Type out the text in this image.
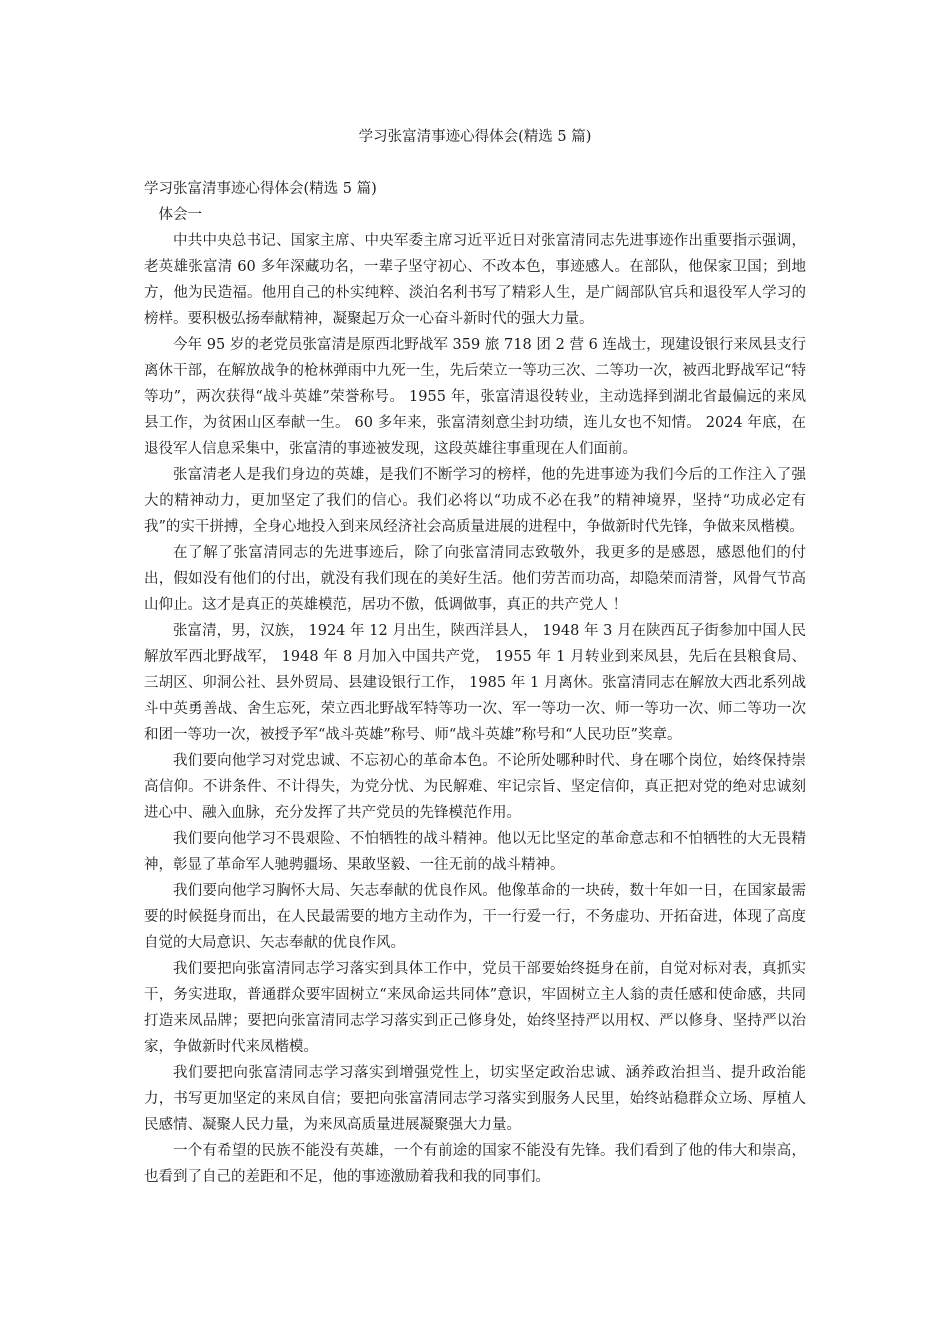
学习张富清事迹心得体会(精选 5 篇)

学习张富清事迹心得体会(精选 5 篇)

体会一

中共中央总书记、国家主席、中央军委主席习近平近日对张富清同志先进事迹作出重要指示强调，老英雄张富清 60 多年深藏功名，一辈子坚守初心、不改本色，事迹感人。在部队，他保家卫国；到地方，他为民造福。他用自己的朴实纯粹、淡泊名利书写了精彩人生，是广阔部队官兵和退役军人学习的榜样。要积极弘扬奉献精神，凝聚起万众一心奋斗新时代的强大力量。

今年 95 岁的老党员张富清是原西北野战军 359 旅 718 团 2 营 6 连战士，现建设银行来凤县支行离休干部，在解放战争的枪林弹雨中九死一生，先后荣立一等功三次、二等功一次，被西北野战军记“特等功”，两次获得“战斗英雄”荣誉称号。 1955 年，张富清退役转业，主动选择到湖北省最偏远的来凤县工作，为贫困山区奉献一生。 60 多年来，张富清刻意尘封功绩，连儿女也不知情。 2024 年底，在退役军人信息采集中，张富清的事迹被发现，这段英雄往事重现在人们面前。

张富清老人是我们身边的英雄，是我们不断学习的榜样，他的先进事迹为我们今后的工作注入了强大的精神动力，更加坚定了我们的信心。我们必将以“功成不必在我”的精神境界，坚持“功成必定有我”的实干拼搏，全身心地投入到来凤经济社会高质量进展的进程中，争做新时代先锋，争做来凤楷模。

在了解了张富清同志的先进事迹后，除了向张富清同志致敬外，我更多的是感恩，感恩他们的付出，假如没有他们的付出，就没有我们现在的美好生活。他们劳苦而功高，却隐荣而清誉，风骨气节高山仰止。这才是真正的英雄模范，居功不傲，低调做事，真正的共产党人 ！

张富清，男，汉族， 1924 年 12 月出生，陕西洋县人， 1948 年 3 月在陕西瓦子街参加中国人民解放军西北野战军， 1948 年 8 月加入中国共产党， 1955 年 1 月转业到来凤县，先后在县粮食局、三胡区、卯洞公社、县外贸局、县建设银行工作， 1985 年 1 月离休。张富清同志在解放大西北系列战斗中英勇善战、舍生忘死，荣立西北野战军特等功一次、军一等功一次、师一等功一次、师二等功一次和团一等功一次，被授予军“战斗英雄”称号、师“战斗英雄”称号和“人民功臣”奖章。

我们要向他学习对党忠诚、不忘初心的革命本色。不论所处哪种时代、身在哪个岗位，始终保持崇高信仰。不讲条件、不计得失，为党分忧、为民解难、牢记宗旨、坚定信仰，真正把对党的绝对忠诚刻进心中、融入血脉，充分发挥了共产党员的先锋模范作用。

我们要向他学习不畏艰险、不怕牺牲的战斗精神。他以无比坚定的革命意志和不怕牺牲的大无畏精神，彰显了革命军人驰骋疆场、果敢坚毅、一往无前的战斗精神。

我们要向他学习胸怀大局、矢志奉献的优良作风。他像革命的一块砖，数十年如一日，在国家最需要的时候挺身而出，在人民最需要的地方主动作为，干一行爱一行，不务虚功、开拓奋进，体现了高度自觉的大局意识、矢志奉献的优良作风。

我们要把向张富清同志学习落实到具体工作中，党员干部要始终挺身在前，自觉对标对表，真抓实干，务实进取，普通群众要牢固树立“来凤命运共同体”意识，牢固树立主人翁的责任感和使命感，共同打造来凤品牌；要把向张富清同志学习落实到正己修身处，始终坚持严以用权、严以修身、坚持严以治家，争做新时代来凤楷模。

我们要把向张富清同志学习落实到增强党性上，切实坚定政治忠诚、涵养政治担当、提升政治能力，书写更加坚定的来凤自信；要把向张富清同志学习落实到服务人民里，始终站稳群众立场、厚植人民感情、凝聚人民力量，为来凤高质量进展凝聚强大力量。

一个有希望的民族不能没有英雄，一个有前途的国家不能没有先锋。我们看到了他的伟大和崇高，也看到了自己的差距和不足，他的事迹激励着我和我的同事们。
